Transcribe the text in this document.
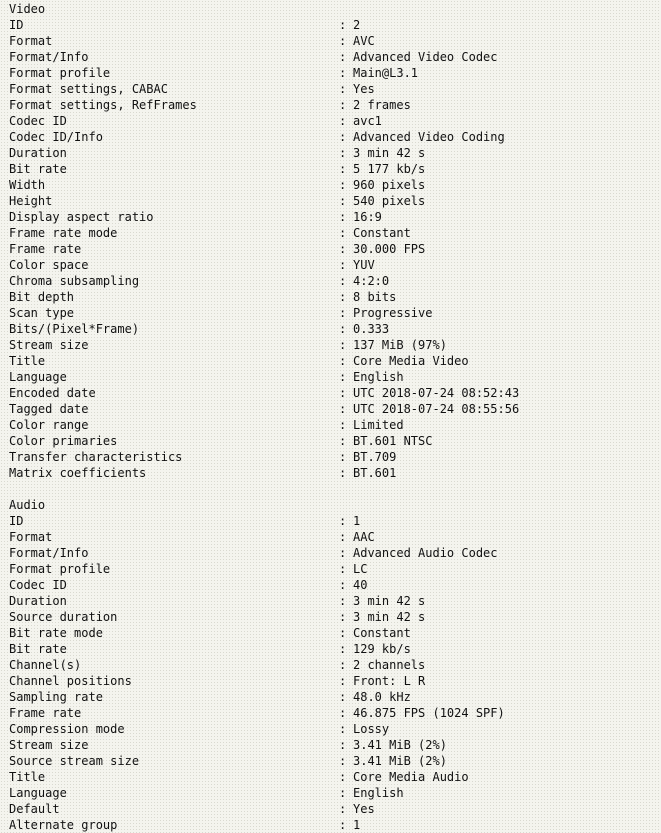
Video
ID	: 2
Format	: AVC
Format/Info	: Advanced Video Codec
Format profile	: Main@L3.1
Format settings, CABAC	: Yes
Format settings, RefFrames	: 2 frames
Codec ID	: avc1
Codec ID/Info	: Advanced Video Coding
Duration	: 3 min 42 s
Bit rate	: 5 177 kb/s
Width	: 960 pixels
Height	: 540 pixels
Display aspect ratio	: 16:9
Frame rate mode	: Constant
Frame rate	: 30.000 FPS
Color space	: YUV
Chroma subsampling	: 4:2:0
Bit depth	: 8 bits
Scan type	: Progressive
Bits/(Pixel*Frame)	: 0.333
Stream size	: 137 MiB (97%)
Title	: Core Media Video
Language	: English
Encoded date	: UTC 2018-07-24 08:52:43
Tagged date	: UTC 2018-07-24 08:55:56
Color range	: Limited
Color primaries	: BT.601 NTSC
Transfer characteristics	: BT.709
Matrix coefficients	: BT.601
Audio
ID	: 1
Format	: AAC
Format/Info	: Advanced Audio Codec
Format profile	: LC
Codec ID	: 40
Duration	: 3 min 42 s
Source duration	: 3 min 42 s
Bit rate mode	: Constant
Bit rate	: 129 kb/s
Channel(s)	: 2 channels
Channel positions	: Front: L R
Sampling rate	: 48.0 kHz
Frame rate	: 46.875 FPS (1024 SPF)
Compression mode	: Lossy
Stream size	: 3.41 MiB (2%)
Source stream size	: 3.41 MiB (2%)
Title	: Core Media Audio
Language	: English
Default	: Yes
Alternate group	: 1
